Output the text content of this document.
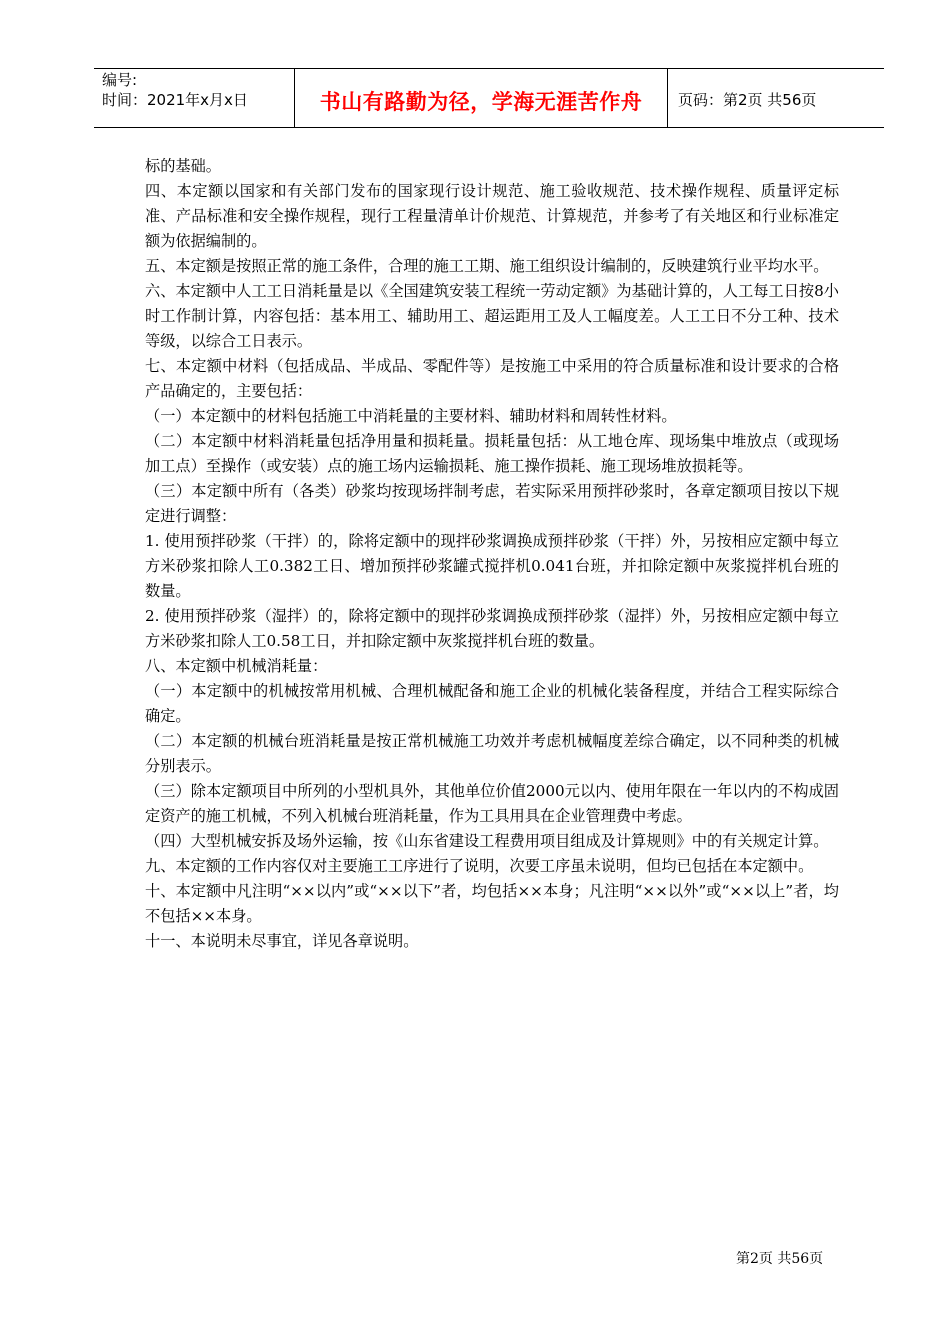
编号:
时间：2021年x月x日	书山有路勤为径，学海无涯苦作舟	页码：第2页 共56页

标的基础。

四、本定额以国家和有关部门发布的国家现行设计规范、施工验收规范、技术操作规程、质量评定标准、产品标准和安全操作规程，现行工程量清单计价规范、计算规范，并参考了有关地区和行业标准定额为依据编制的。

五、本定额是按照正常的施工条件，合理的施工工期、施工组织设计编制的，反映建筑行业平均水平。

六、本定额中人工工日消耗量是以《全国建筑安装工程统一劳动定额》为基础计算的，人工每工日按8小时工作制计算，内容包括：基本用工、辅助用工、超运距用工及人工幅度差。人工工日不分工种、技术等级，以综合工日表示。

七、本定额中材料（包括成品、半成品、零配件等）是按施工中采用的符合质量标准和设计要求的合格产品确定的，主要包括：

（一）本定额中的材料包括施工中消耗量的主要材料、辅助材料和周转性材料。

（二）本定额中材料消耗量包括净用量和损耗量。损耗量包括：从工地仓库、现场集中堆放点（或现场加工点）至操作（或安装）点的施工场内运输损耗、施工操作损耗、施工现场堆放损耗等。

（三）本定额中所有（各类）砂浆均按现场拌制考虑，若实际采用预拌砂浆时，各章定额项目按以下规定进行调整：

1. 使用预拌砂浆（干拌）的，除将定额中的现拌砂浆调换成预拌砂浆（干拌）外，另按相应定额中每立方米砂浆扣除人工0.382工日、增加预拌砂浆罐式搅拌机0.041台班，并扣除定额中灰浆搅拌机台班的数量。

2. 使用预拌砂浆（湿拌）的，除将定额中的现拌砂浆调换成预拌砂浆（湿拌）外，另按相应定额中每立方米砂浆扣除人工0.58工日，并扣除定额中灰浆搅拌机台班的数量。

八、本定额中机械消耗量：

（一）本定额中的机械按常用机械、合理机械配备和施工企业的机械化装备程度，并结合工程实际综合确定。

（二）本定额的机械台班消耗量是按正常机械施工功效并考虑机械幅度差综合确定，以不同种类的机械分别表示。

（三）除本定额项目中所列的小型机具外，其他单位价值2000元以内、使用年限在一年以内的不构成固定资产的施工机械，不列入机械台班消耗量，作为工具用具在企业管理费中考虑。

（四）大型机械安拆及场外运输，按《山东省建设工程费用项目组成及计算规则》中的有关规定计算。

九、本定额的工作内容仅对主要施工工序进行了说明，次要工序虽未说明，但均已包括在本定额中。

十、本定额中凡注明“××以内”或“××以下”者，均包括××本身；凡注明“××以外”或“××以上”者，均不包括××本身。

十一、本说明未尽事宜，详见各章说明。

第2页 共56页
